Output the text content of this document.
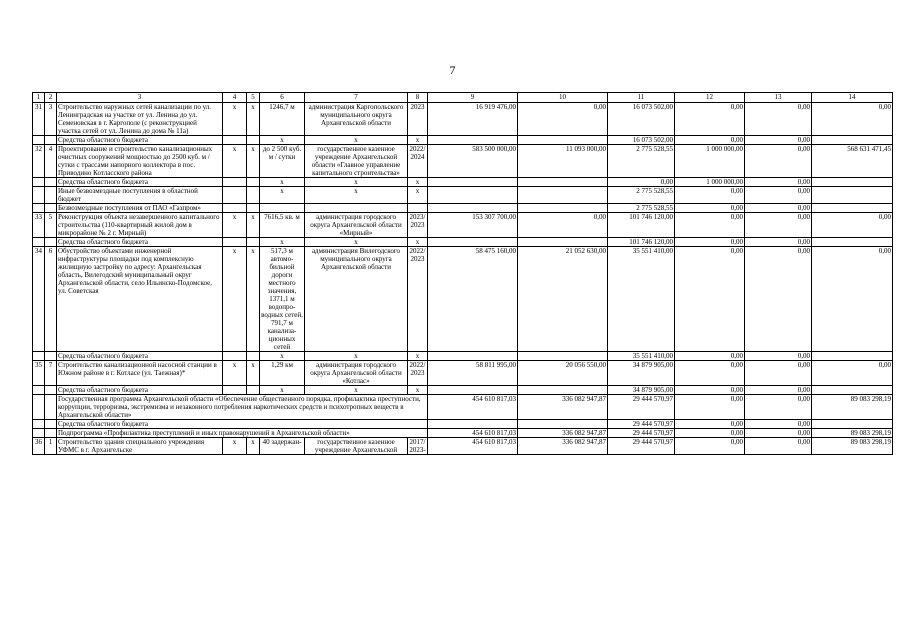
7
1	2	3	4	5	6	7	8	9	10	11	12	13	14
31	3	Строительство наружных сетей канализации по ул. Ленинградская на участке от ул. Ленина до ул. Семеновская в г. Каргополе (с реконструкцией участка сетей от ул. Ленина до дома № 11а)	x	x	1246,7 м	администрация Каргопольского муниципального округа Архангельской области	2023	16 919 476,00	0,00	16 073 502,00	0,00	0,00	0,00
		Средства областного бюджета			x	x	x			16 073 502,00	0,00	0,00	
32	4	Проектирование и строительство канализационных очистных сооружений мощностью до 2500 куб. м / сутки с трассами напорного коллектора в пос. Приводино Котласского района	x	x	до 2 500 куб. м / сутки	государственное казенное учреждение Архангельской области «Главное управление капитального строительства»	2022/ 2024	583 500 000,00	11 093 000,00	2 775 528,55	1 000 000,00	0,00	568 631 471,45
		Средства областного бюджета			x	x	x			0,00	1 000 000,00	0,00	
		Иные безвозмездные поступления в областной бюджет			x	x	x			2 775 528,55	0,00	0,00	
		Безвозмездные поступления от ПАО «Газпром»								2 775 528,55	0,00	0,00	
33	5	Реконструкция объекта незавершенного капитального строительства (110-квартирный жилой дом в микрорайоне № 2 г. Мирный)	x	x	7616,5 кв. м	администрация городского округа Архангельской области «Мирный»	2023/ 2023	153 307 700,00	0,00	101 746 120,00	0,00	0,00	0,00
		Средства областного бюджета			x	x	x			101 746 120,00	0,00	0,00	
34	6	Обустройство объектами инженерной инфраструктуры площадки под комплексную жилищную застройку по адресу: Архангельская область, Вилегодский муниципальный округ Архангельской области, село Ильинско-Подомское, ул. Советская	x	x	517,3 м автомо-бильной дороги местного значения, 1371,1 м водопро-водных сетей, 791,7 м канализа-ционных сетей	администрация Вилегодского муниципального округа Архангельской области	2022/ 2023	58 475 160,00	21 052 630,00	35 551 410,00	0,00	0,00	0,00
		Средства областного бюджета			x	x	x			35 551 410,00	0,00	0,00	
35	7	Строительство канализационной насосной станции в Южном районе в г. Котласе (ул. Таежная)*	x	x	1,29 км	администрация городского округа Архангельской области «Котлас»	2022/ 2023	58 811 995,00	20 056 550,00	34 879 905,00	0,00	0,00	0,00
		Средства областного бюджета			x	x	x			34 879 905,00	0,00	0,00	
		Государственная программа Архангельской области «Обеспечение общественного порядка, профилактика преступности, коррупции, терроризма, экстремизма и незаконного потребления наркотических средств и психотропных веществ в Архангельской области»						454 610 817,03	336 082 947,87	29 444 570,97	0,00	0,00	89 083 298,19
		Средства областного бюджета								29 444 570,97	0,00	0,00	
		Подпрограмма «Профилактика преступлений и иных правонарушений в Архангельской области»						454 610 817,03	336 082 947,87	29 444 570,97	0,00	0,00	89 083 298,19
36	1	Строительство здания специального учреждения УФМС в г. Архангельске	x	x	40 задержан-	государственное казенное учреждение Архангельской	2017/ 2023-	454 610 817,03	336 082 947,87	29 444 570,97	0,00	0,00	89 083 298,19
